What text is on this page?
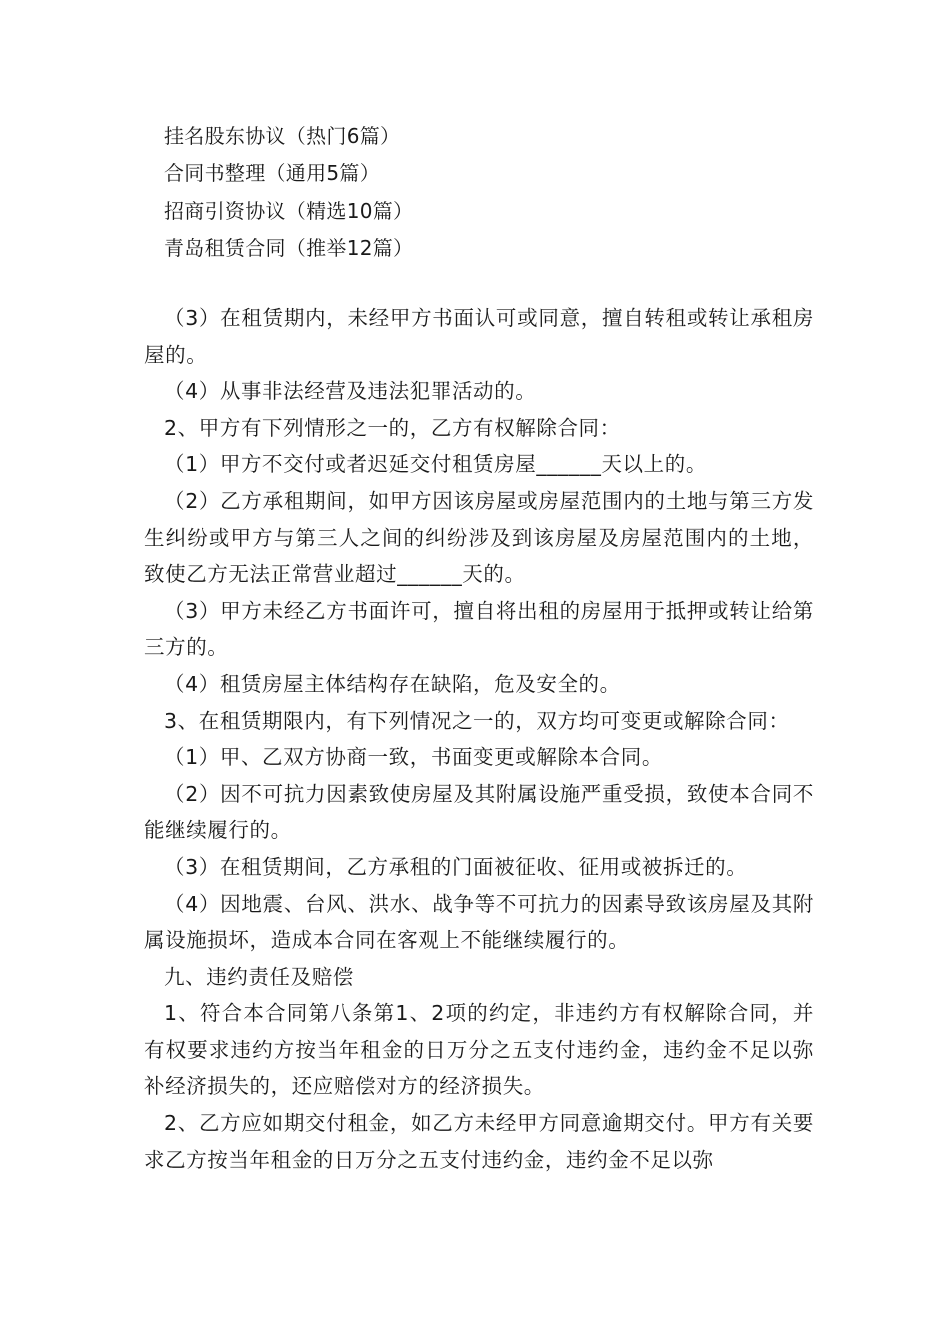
挂名股东协议（热门6篇）
合同书整理（通用5篇）
招商引资协议（精选10篇）
青岛租赁合同（推举12篇）

（3）在租赁期内，未经甲方书面认可或同意，擅自转租或转让承租房屋的。

（4）从事非法经营及违法犯罪活动的。

2、甲方有下列情形之一的，乙方有权解除合同：

（1）甲方不交付或者迟延交付租赁房屋______天以上的。

（2）乙方承租期间，如甲方因该房屋或房屋范围内的土地与第三方发生纠纷或甲方与第三人之间的纠纷涉及到该房屋及房屋范围内的土地，致使乙方无法正常营业超过______天的。

（3）甲方未经乙方书面许可，擅自将出租的房屋用于抵押或转让给第三方的。

（4）租赁房屋主体结构存在缺陷，危及安全的。

3、在租赁期限内，有下列情况之一的，双方均可变更或解除合同：

（1）甲、乙双方协商一致，书面变更或解除本合同。

（2）因不可抗力因素致使房屋及其附属设施严重受损，致使本合同不能继续履行的。

（3）在租赁期间，乙方承租的门面被征收、征用或被拆迁的。

（4）因地震、台风、洪水、战争等不可抗力的因素导致该房屋及其附属设施损坏，造成本合同在客观上不能继续履行的。

九、违约责任及赔偿

1、符合本合同第八条第1、2项的约定，非违约方有权解除合同，并有权要求违约方按当年租金的日万分之五支付违约金，违约金不足以弥补经济损失的，还应赔偿对方的经济损失。

2、乙方应如期交付租金，如乙方未经甲方同意逾期交付。甲方有关要求乙方按当年租金的日万分之五支付违约金，违约金不足以弥
